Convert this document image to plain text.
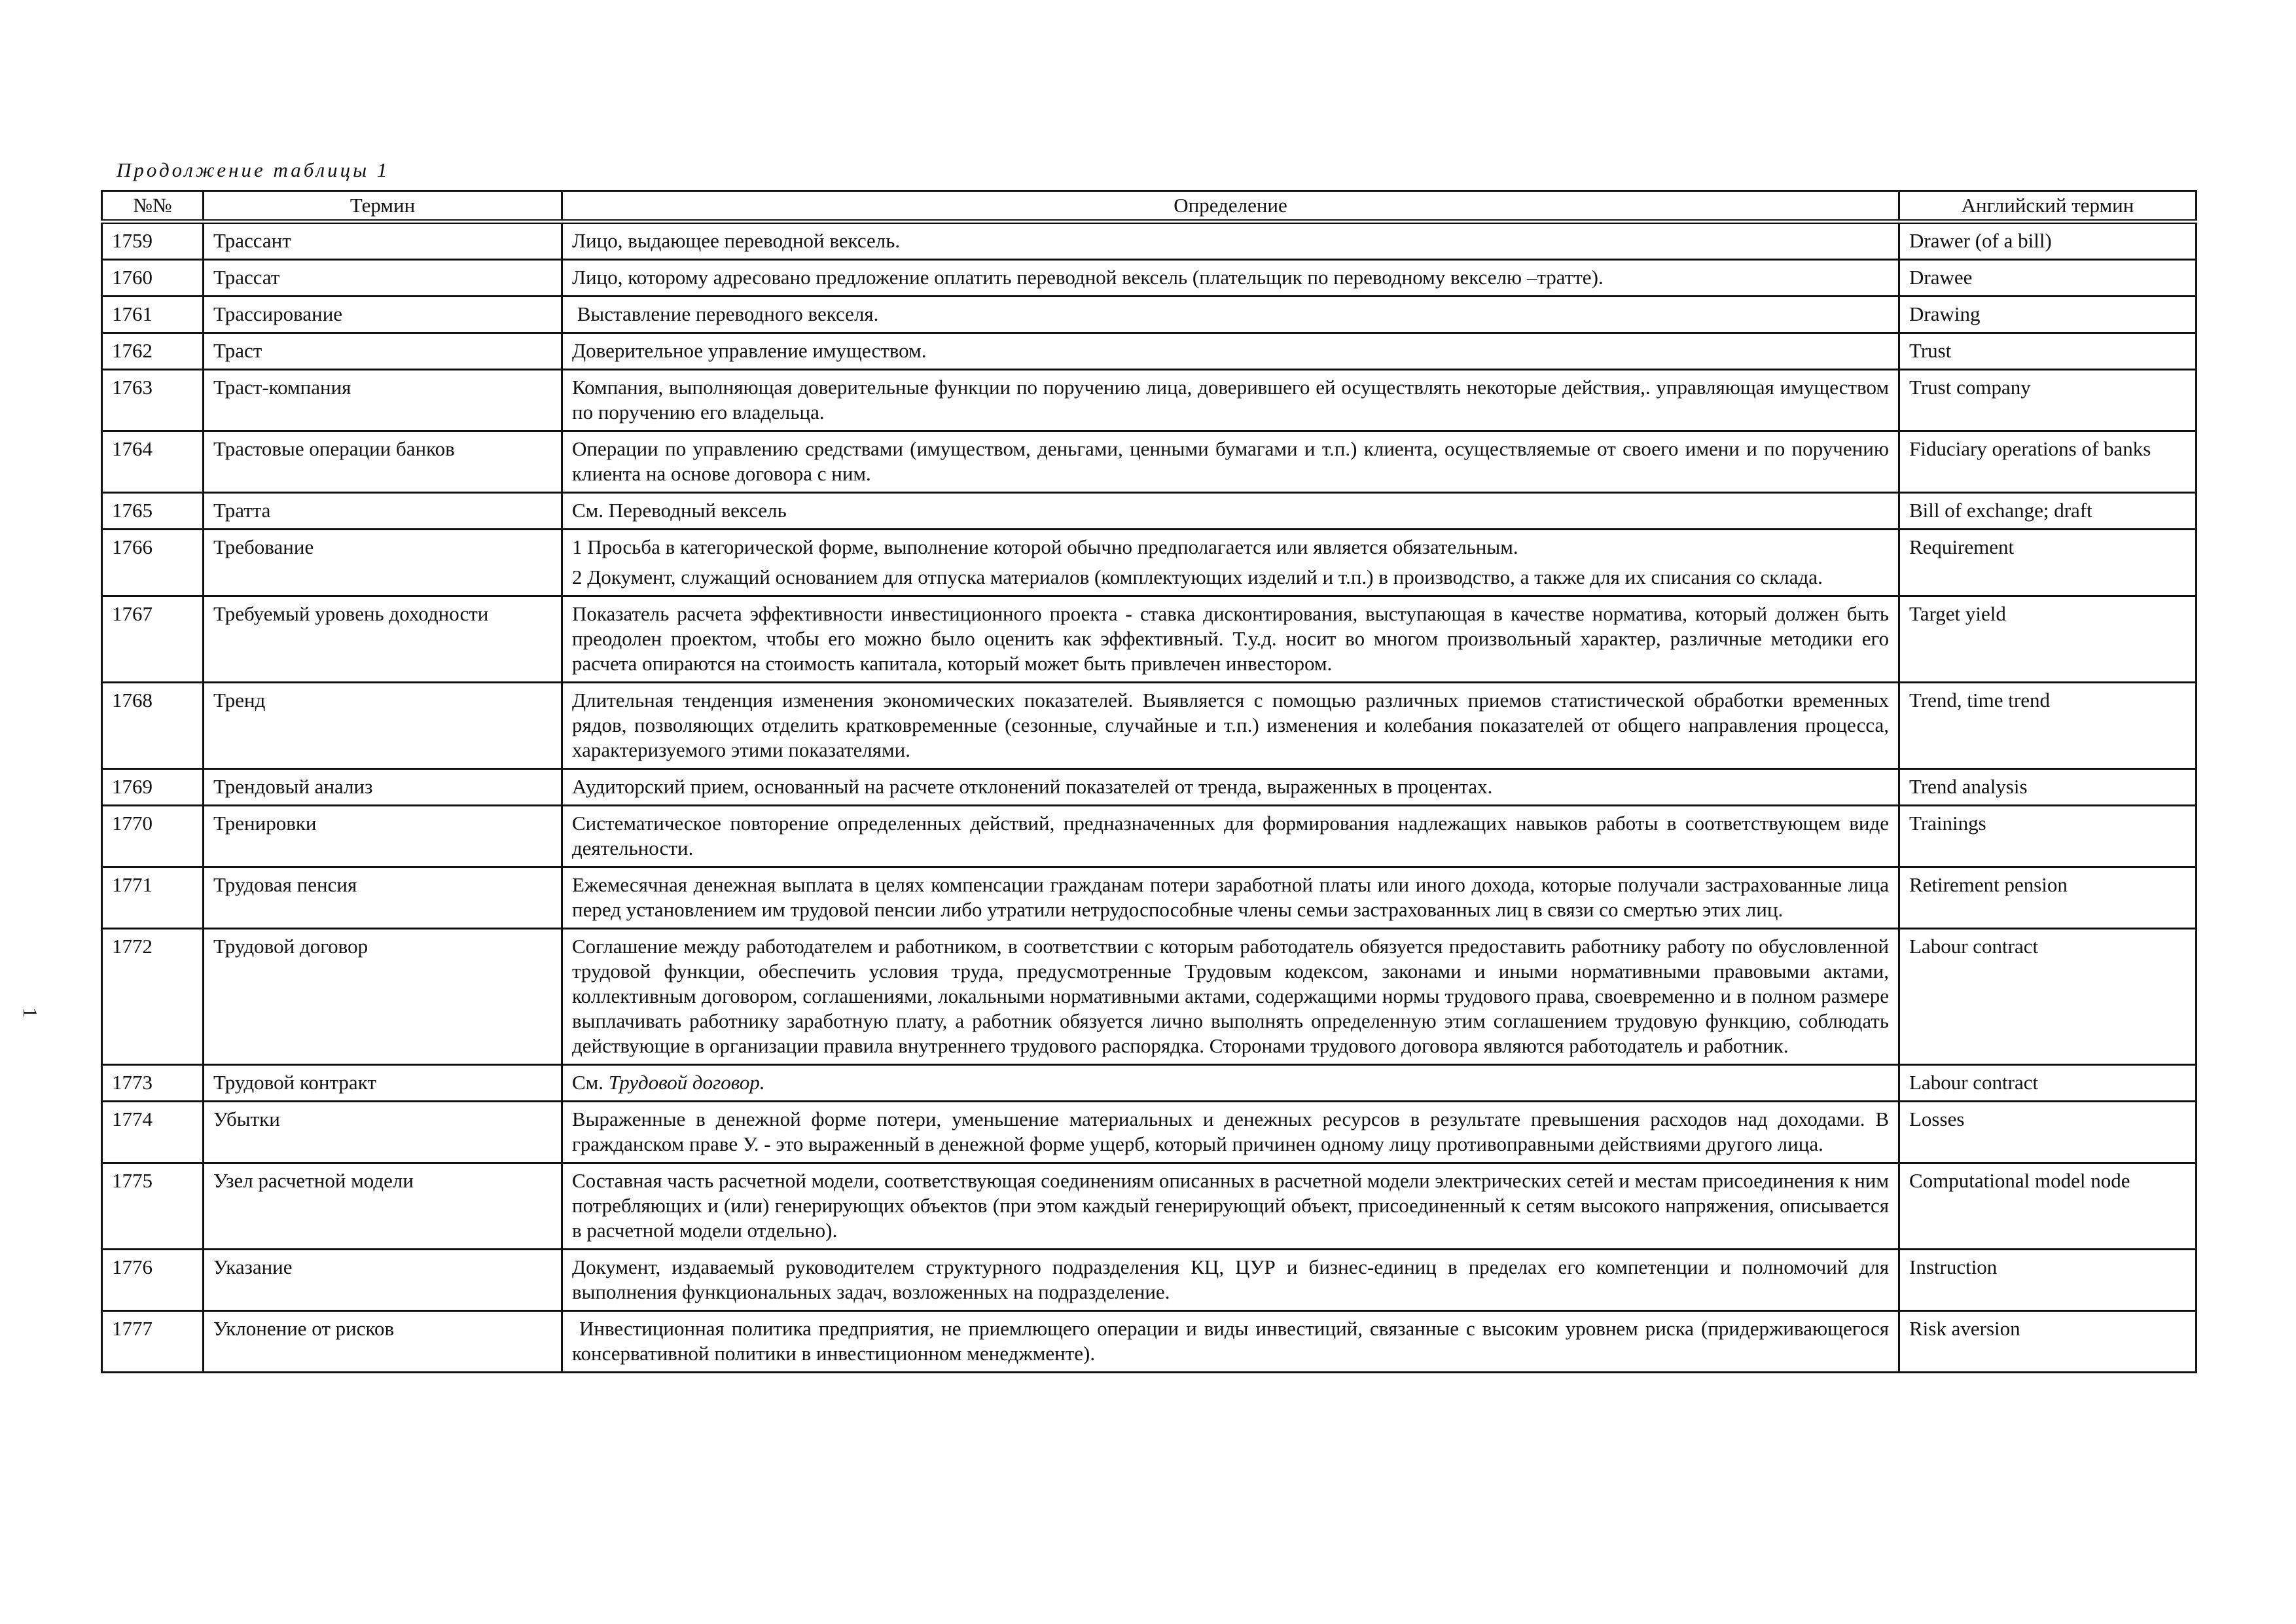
Продолжение таблицы 1
1
№№	Термин	Определение	Английский термин
1759	Трассант	Лицо, выдающее переводной вексель.	Drawer (of a bill)
1760	Трассат	Лицо, которому адресовано предложение оплатить переводной вексель (плательщик по переводному векселю –тратте).	Drawee
1761	Трассирование	Выставление переводного векселя.	Drawing
1762	Траст	Доверительное управление имуществом.	Trust
1763	Траст-компания	Компания, выполняющая доверительные функции по поручению лица, доверившего ей осуществлять некоторые действия,. управляющая имуществом по поручению его владельца.	Trust company
1764	Трастовые операции банков	Операции по управлению средствами (имуществом, деньгами, ценными бумагами и т.п.) клиента, осуществляемые от своего имени и по поручению клиента на основе договора с ним.	Fiduciary operations of banks
1765	Тратта	См. Переводный вексель	Bill of exchange; draft
1766	Требование	1 Просьба в категорической форме, выполнение которой обычно предполагается или является обязательным.

2 Документ, служащий основанием для отпуска материалов (комплектующих изделий и т.п.) в производство, а также для их списания со склада.	Requirement
1767	Требуемый уровень доходности	Показатель расчета эффективности инвестиционного проекта - ставка дисконтирования, выступающая в качестве норматива, который должен быть преодолен проектом, чтобы его можно было оценить как эффективный. Т.у.д. носит во многом произвольный характер, различные методики его расчета опираются на стоимость капитала, который может быть привлечен инвестором.	Target yield
1768	Тренд	Длительная тенденция изменения экономических показателей. Выявляется с помощью различных приемов статистической обработки временных рядов, позволяющих отделить кратковременные (сезонные, случайные и т.п.) изменения и колебания показателей от общего направления процесса, характеризуемого этими показателями.	Trend, time trend
1769	Трендовый анализ	Аудиторский прием, основанный на расчете отклонений показателей от тренда, выраженных в процентах.	Trend analysis
1770	Тренировки	Систематическое повторение определенных действий, предназначенных для формирования надлежащих навыков работы в соответствующем виде деятельности.	Trainings
1771	Трудовая пенсия	Ежемесячная денежная выплата в целях компенсации гражданам потери заработной платы или иного дохода, которые получали застрахованные лица перед установлением им трудовой пенсии либо утратили нетрудоспособные члены семьи застрахованных лиц в связи со смертью этих лиц.	Retirement pension
1772	Трудовой договор	Соглашение между работодателем и работником, в соответствии с которым работодатель обязуется предоставить работнику работу по обусловленной трудовой функции, обеспечить условия труда, предусмотренные Трудовым кодексом, законами и иными нормативными правовыми актами, коллективным договором, соглашениями, локальными нормативными актами, содержащими нормы трудового права, своевременно и в полном размере выплачивать работнику заработную плату, а работник обязуется лично выполнять определенную этим соглашением трудовую функцию, соблюдать действующие в организации правила внутреннего трудового распорядка. Сторонами трудового договора являются работодатель и работник.	Labour contract
1773	Трудовой контракт	См. Трудовой договор.	Labour contract
1774	Убытки	Выраженные в денежной форме потери, уменьшение материальных и денежных ресурсов в результате превышения расходов над доходами. В гражданском праве У. - это выраженный в денежной форме ущерб, который причинен одному лицу противоправными действиями другого лица.	Losses
1775	Узел расчетной модели	Составная часть расчетной модели, соответствующая соединениям описанных в расчетной модели электрических сетей и местам присоединения к ним потребляющих и (или) генерирующих объектов (при этом каждый генерирующий объект, присоединенный к сетям высокого напряжения, описывается в расчетной модели отдельно).	Computational model node
1776	Указание	Документ, издаваемый руководителем структурного подразделения КЦ, ЦУР и бизнес-единиц в пределах его компетенции и полномочий для выполнения функциональных задач, возложенных на подразделение.	Instruction
1777	Уклонение от рисков	Инвестиционная политика предприятия, не приемлющего операции и виды инвестиций, связанные с высоким уровнем риска (придерживающегося консервативной политики в инвестиционном менеджменте).	Risk aversion
